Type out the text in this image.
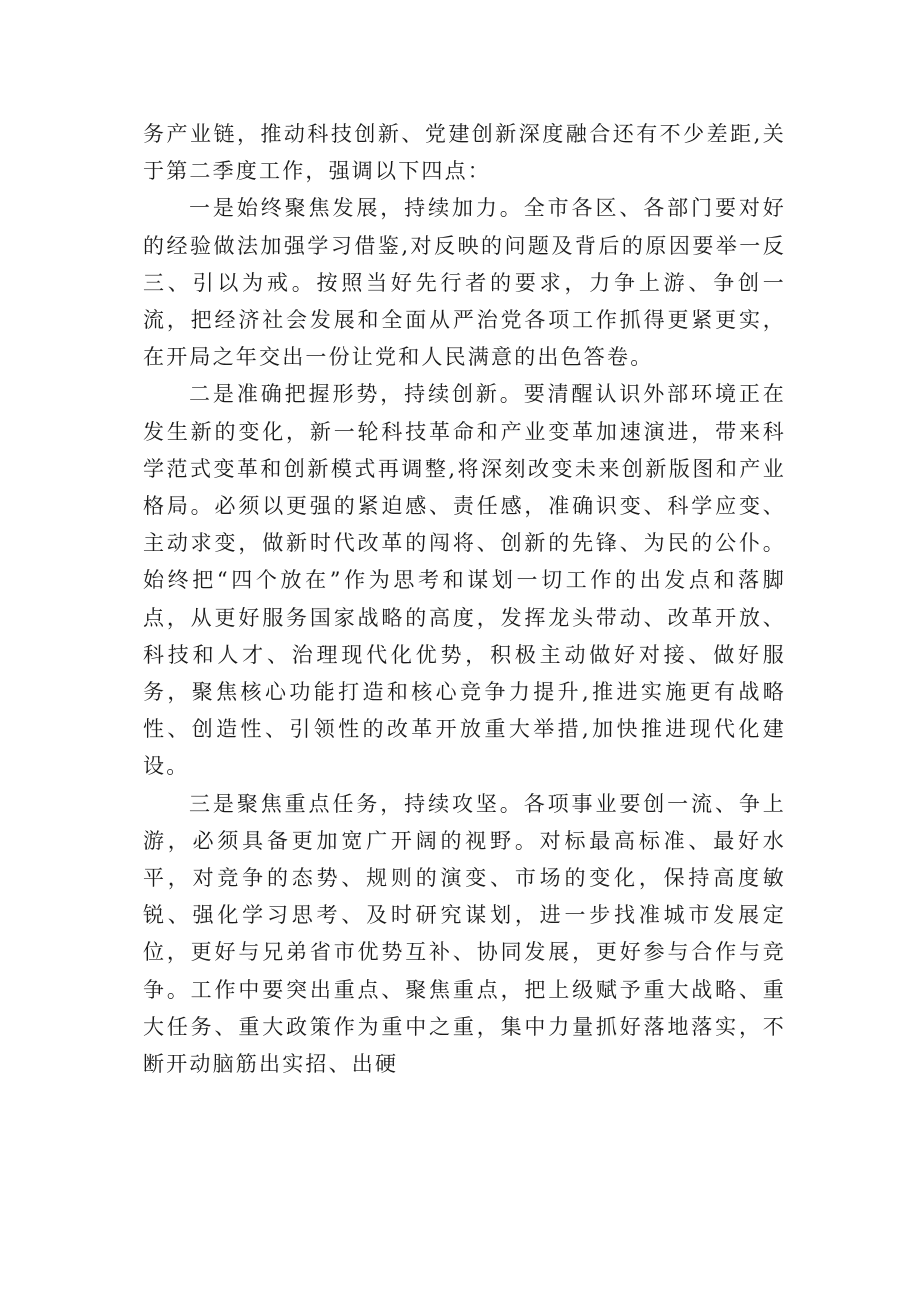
务产业链，推动科技创新、党建创新深度融合还有不少差距,关于第二季度工作，强调以下四点：

一是始终聚焦发展，持续加力。全市各区、各部门要对好的经验做法加强学习借鉴,对反映的问题及背后的原因要举一反三、引以为戒。按照当好先行者的要求，力争上游、争创一流，把经济社会发展和全面从严治党各项工作抓得更紧更实，在开局之年交出一份让党和人民满意的出色答卷。

二是准确把握形势，持续创新。要清醒认识外部环境正在发生新的变化，新一轮科技革命和产业变革加速演进，带来科学范式变革和创新模式再调整,将深刻改变未来创新版图和产业格局。必须以更强的紧迫感、责任感，准确识变、科学应变、主动求变，做新时代改革的闯将、创新的先锋、为民的公仆。始终把“四个放在”作为思考和谋划一切工作的出发点和落脚点，从更好服务国家战略的高度，发挥龙头带动、改革开放、科技和人才、治理现代化优势，积极主动做好对接、做好服务，聚焦核心功能打造和核心竞争力提升,推进实施更有战略性、创造性、引领性的改革开放重大举措,加快推进现代化建设。

三是聚焦重点任务，持续攻坚。各项事业要创一流、争上游，必须具备更加宽广开阔的视野。对标最高标准、最好水平，对竞争的态势、规则的演变、市场的变化，保持高度敏锐、强化学习思考、及时研究谋划，进一步找准城市发展定位，更好与兄弟省市优势互补、协同发展，更好参与合作与竞争。工作中要突出重点、聚焦重点，把上级赋予重大战略、重大任务、重大政策作为重中之重，集中力量抓好落地落实，不断开动脑筋出实招、出硬
